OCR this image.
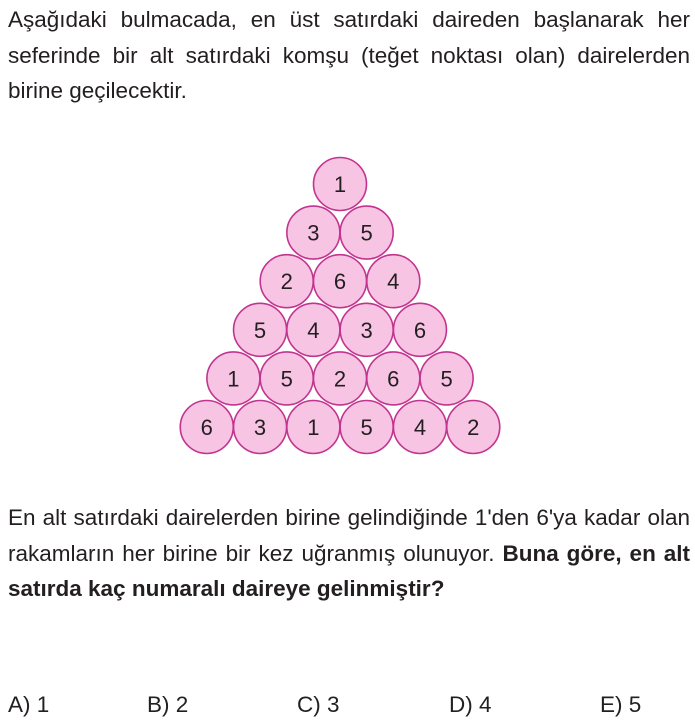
Aşağıdaki bulmacada, en üst satırdaki daireden başlanarak her seferinde bir alt satırdaki komşu (teğet noktası olan) dairelerden birine geçilecektir.

1
3 5
2 6 4
5 4 3 6
1 5 2 6 5
6 3 1 5 4 2

En alt satırdaki dairelerden birine gelindiğinde 1'den 6'ya kadar olan rakamların her birine bir kez uğranmış olunuyor. Buna göre, en alt satırda kaç numaralı daireye gelinmiştir?

A) 1	B) 2	C) 3	D) 4	E) 5
